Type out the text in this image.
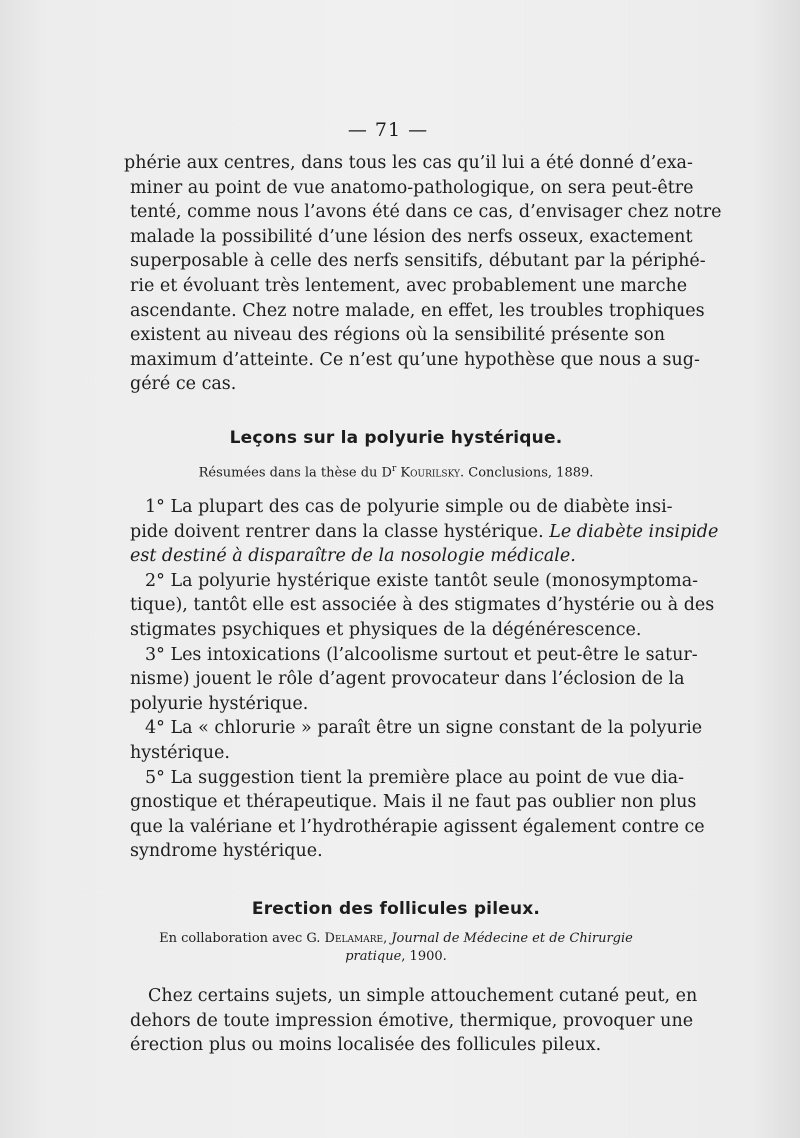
— 71 —

phérie aux centres, dans tous les cas qu’il lui a été donné d’exa-
miner au point de vue anatomo-pathologique, on sera peut-être
tenté, comme nous l’avons été dans ce cas, d’envisager chez notre
malade la possibilité d’une lésion des nerfs osseux, exactement
superposable à celle des nerfs sensitifs, débutant par la périphé-
rie et évoluant très lentement, avec probablement une marche
ascendante. Chez notre malade, en effet, les troubles trophiques
existent au niveau des régions où la sensibilité présente son
maximum d’atteinte. Ce n’est qu’une hypothèse que nous a sug-
géré ce cas.

Leçons sur la polyurie hystérique.
Résumées dans la thèse du $D^r$ Kourilsky. Conclusions, 1889.

1° La plupart des cas de polyurie simple ou de diabète insi-
pide doivent rentrer dans la classe hystérique. Le diabète insipide
est destiné à disparaître de la nosologie médicale.

2° La polyurie hystérique existe tantôt seule (monosymptoma-
tique), tantôt elle est associée à des stigmates d’hystérie ou à des
stigmates psychiques et physiques de la dégénérescence.

3° Les intoxications (l’alcoolisme surtout et peut-être le satur-
nisme) jouent le rôle d’agent provocateur dans l’éclosion de la
polyurie hystérique.

4° La « chlorurie » paraît être un signe constant de la polyurie
hystérique.

5° La suggestion tient la première place au point de vue dia-
gnostique et thérapeutique. Mais il ne faut pas oublier non plus
que la valériane et l’hydrothérapie agissent également contre ce
syndrome hystérique.

Erection des follicules pileux.
En collaboration avec G. Delamare, Journal de Médecine et de Chirurgie
pratique, 1900.

Chez certains sujets, un simple attouchement cutané peut, en
dehors de toute impression émotive, thermique, provoquer une
érection plus ou moins localisée des follicules pileux.
